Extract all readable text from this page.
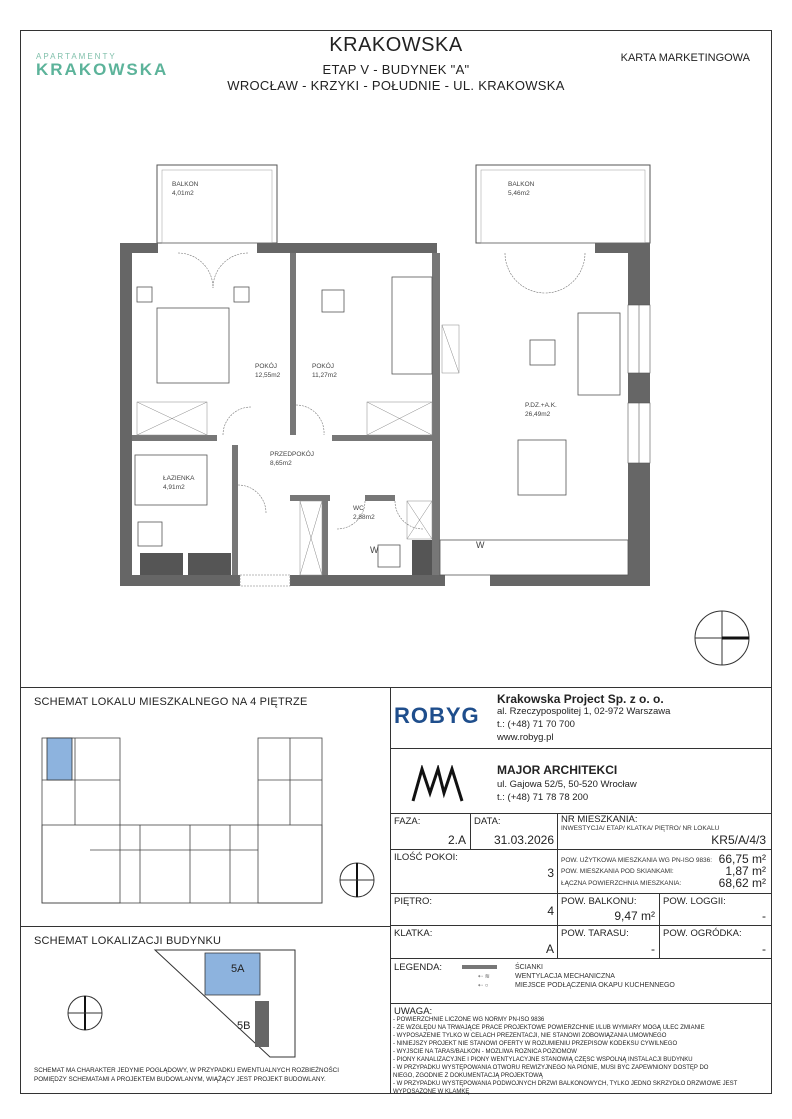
APARTAMENTY
KRAKOWSKA
KRAKOWSKA
ETAP V - BUDYNEK "A"
WROCŁAW - KRZYKI - POŁUDNIE - UL. KRAKOWSKA
KARTA MARKETINGOWA
BALKON
4,01m2
BALKON
5,46m2
POKÓJ
12,55m2
POKÓJ
11,27m2
P.DZ.+A.K.
26,49m2
PRZEDPOKÓJ
8,65m2
ŁAZIENKA
4,91m2
WC
2,88m2
W	W
SCHEMAT LOKALU MIESZKALNEGO NA 4 PIĘTRZE
SCHEMAT LOKALIZACJI BUDYNKU
5A
5B
SCHEMAT MA CHARAKTER JEDYNIE POGLĄDOWY, W PRZYPADKU EWENTUALNYCH ROZBIEŻNOŚCI POMIĘDZY SCHEMATAMI A PROJEKTEM BUDOWLANYM, WIĄŻĄCY JEST PROJEKT BUDOWLANY.
ROBYG
Krakowska Project Sp. z o. o.
al. Rzeczypospolitej 1, 02-972 Warszawa
t.: (+48) 71 70 700
www.robyg.pl
MAJOR ARCHITEKCI
ul. Gajowa 52/5, 50-520 Wrocław
t.: (+48) 71 78 78 200
FAZA:
2.A
DATA:
31.03.2026
NR MIESZKANIA:
INWESTYCJA/ ETAP/ KLATKA/ PIĘTRO/ NR LOKALU
KR5/A/4/3
ILOŚĆ POKOI:
3
POW. UŻYTKOWA MIESZKANIA WG PN-ISO 9836: 66,75 m²
POW. MIESZKANIA POD SKIANKAMI:	1,87 m²
ŁĄCZNA POWIERZCHNIA MIESZKANIA:	68,62 m²
PIĘTRO:
4
POW. BALKONU:
9,47 m²
POW. LOGGII:
-
KLATKA:
A
POW. TARASU:
-
POW. OGRÓDKA:
-
LEGENDA:
⇠ ≋
⇠ ○
ŚCIANKI
WENTYLACJA MECHANICZNA
MIEJSCE PODŁĄCZENIA OKAPU KUCHENNEGO
UWAGA:
- POWIERZCHNIE LICZONE WG NORMY PN-ISO 9836
- ZE WZGLĘDU NA TRWAJĄCE PRACE PROJEKTOWE POWIERZCHNIE I/LUB WYMIARY MOGĄ ULEC ZMIANIE
- WYPOSAŻENIE TYLKO W CELACH PREZENTACJI, NIE STANOWI ZOBOWIĄZANIA UMOWNEGO
- NINIEJSZY PROJEKT NIE STANOWI OFERTY W ROZUMIENIU PRZEPISÓW KODEKSU CYWILNEGO
- WYJŚCIE NA TARAS/BALKON - MOŻLIWA RÓŻNICA POZIOMÓW
- PIONY KANALIZACYJNE I PIONY WENTYLACYJNE STANOWIĄ CZĘŚĆ WSPÓLNĄ INSTALACJI BUDYNKU
- W PRZYPADKU WYSTĘPOWANIA OTWORU REWIZYJNEGO NA PIONIE, MUSI BYĆ ZAPEWNIONY DOSTĘP DO
NIEGO, ZGODNIE Z DOKUMENTACJĄ PROJEKTOWĄ
- W PRZYPADKU WYSTĘPOWANIA PODWÓJNYCH DRZWI BALKONOWYCH, TYLKO JEDNO SKRZYDŁO DRZWIOWE JEST
WYPOSAŻONE W KLAMKĘ
